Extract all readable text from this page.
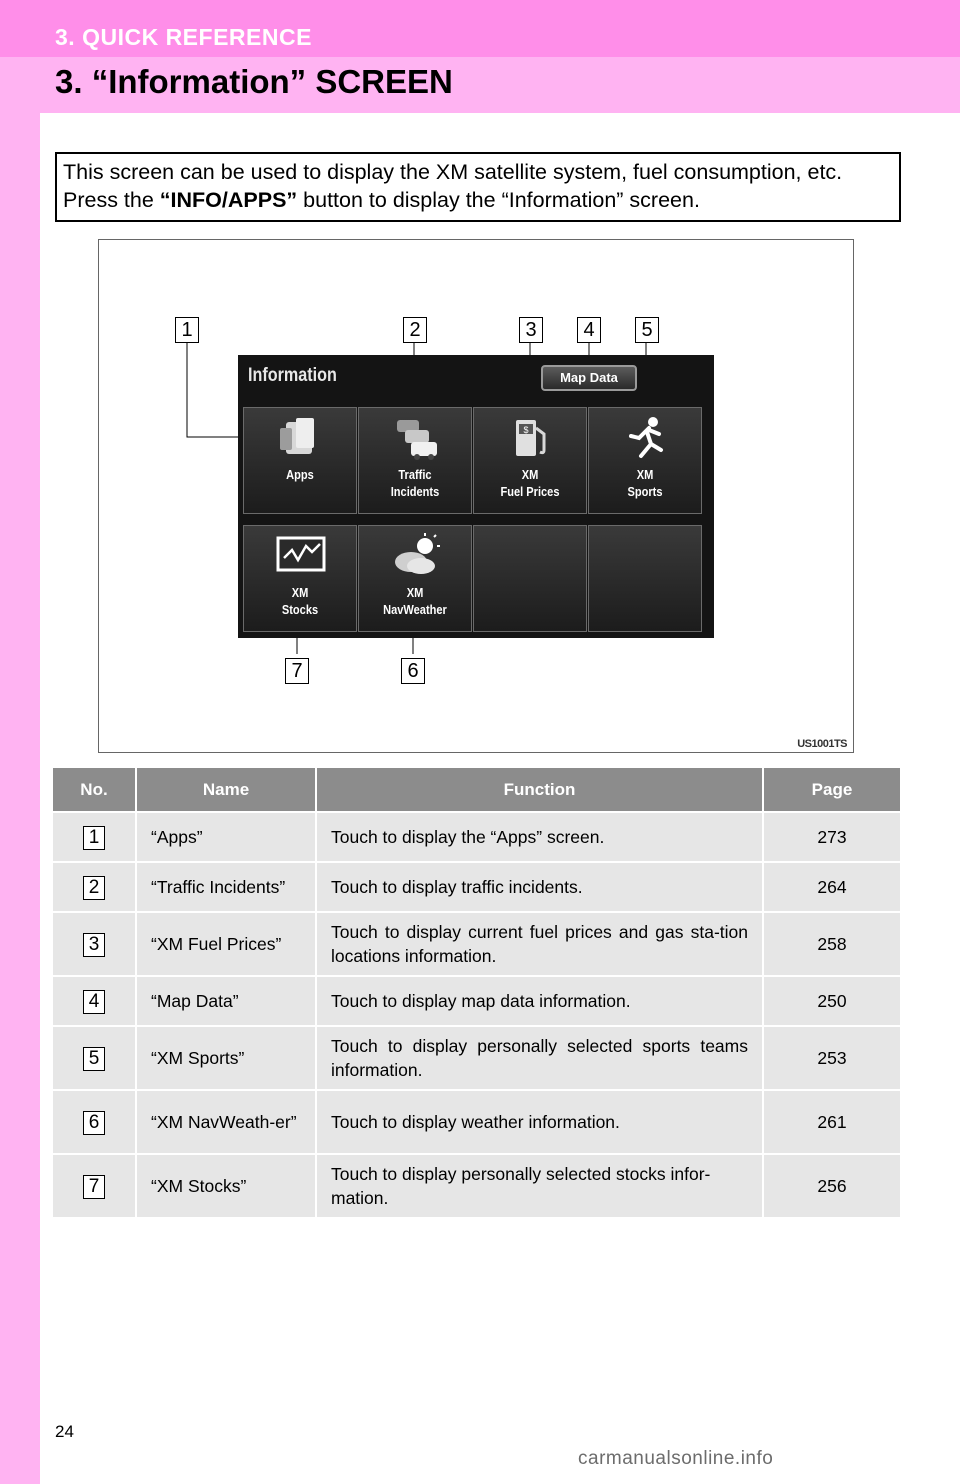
3. QUICK REFERENCE
3. “Information” SCREEN
This screen can be used to display the XM satellite system, fuel consumption, etc.
Press the “INFO/APPS” button to display the “Information” screen.
1	2	3	4	5
6
7
Information	Map Data
Apps	Traffic
Incidents
$
XM
Fuel Prices
XM
Sports
XM
Stocks
XM
NavWeather
US1001TS
No.	Name	Function	Page
1	“Apps”	Touch to display the “Apps” screen.	273
2	“Traffic Incidents”	Touch to display traffic incidents.	264
3	“XM Fuel Prices”	Touch to display current fuel prices and gas sta-tion locations information.	258
4	“Map Data”	Touch to display map data information.	250
5	“XM Sports”	Touch to display personally selected sports teams information.	253
6	“XM NavWeath-er”	Touch to display weather information.	261
7	“XM Stocks”	Touch to display personally selected stocks infor-mation.	256
24
carmanualsonline.info
